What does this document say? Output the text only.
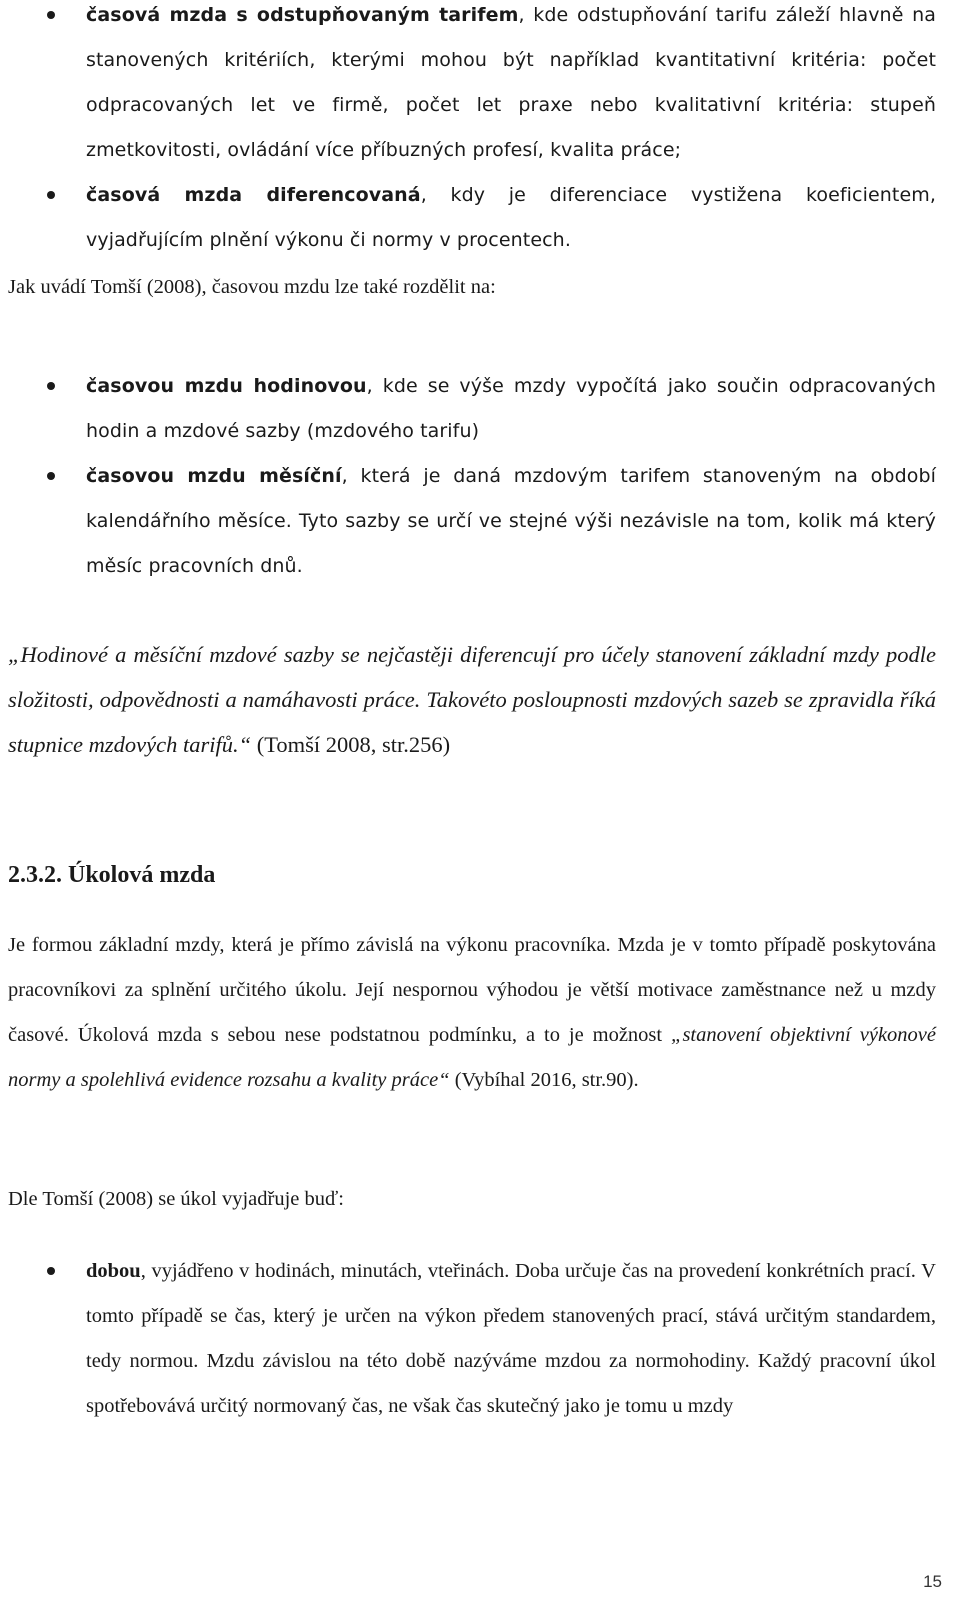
časová mzda s odstupňovaným tarifem, kde odstupňování tarifu záleží hlavně na stanovených kritériích, kterými mohou být například kvantitativní kritéria: počet odpracovaných let ve firmě, počet let praxe nebo kvalitativní kritéria: stupeň zmetkovitosti, ovládání více příbuzných profesí, kvalita práce;
časová mzda diferencovaná, kdy je diferenciace vystižena koeficientem, vyjadřujícím plnění výkonu či normy v procentech.

Jak uvádí Tomší (2008), časovou mzdu lze také rozdělit na:

časovou mzdu hodinovou, kde se výše mzdy vypočítá jako součin odpracovaných hodin a mzdové sazby (mzdového tarifu)
časovou mzdu měsíční, která je daná mzdovým tarifem stanoveným na období kalendářního měsíce. Tyto sazby se určí ve stejné výši nezávisle na tom, kolik má který měsíc pracovních dnů.

„Hodinové a měsíční mzdové sazby se nejčastěji diferencují pro účely stanovení základní mzdy podle složitosti, odpovědnosti a namáhavosti práce. Takovéto posloupnosti mzdových sazeb se zpravidla říká stupnice mzdových tarifů.“ (Tomší 2008, str.256)

2.3.2. Úkolová mzda

Je formou základní mzdy, která je přímo závislá na výkonu pracovníka. Mzda je v tomto případě poskytována pracovníkovi za splnění určitého úkolu. Její nespornou výhodou je větší motivace zaměstnance než u mzdy časové. Úkolová mzda s sebou nese podstatnou podmínku, a to je možnost „stanovení objektivní výkonové normy a spolehlivá evidence rozsahu a kvality práce“ (Vybíhal 2016, str.90).

Dle Tomší (2008) se úkol vyjadřuje buď:

dobou, vyjádřeno v hodinách, minutách, vteřinách. Doba určuje čas na provedení konkrétních prací. V tomto případě se čas, který je určen na výkon předem stanovených prací, stává určitým standardem, tedy normou. Mzdu závislou na této době nazýváme mzdou za normohodiny. Každý pracovní úkol spotřebovává určitý normovaný čas, ne však čas skutečný jako je tomu u mzdy
15
